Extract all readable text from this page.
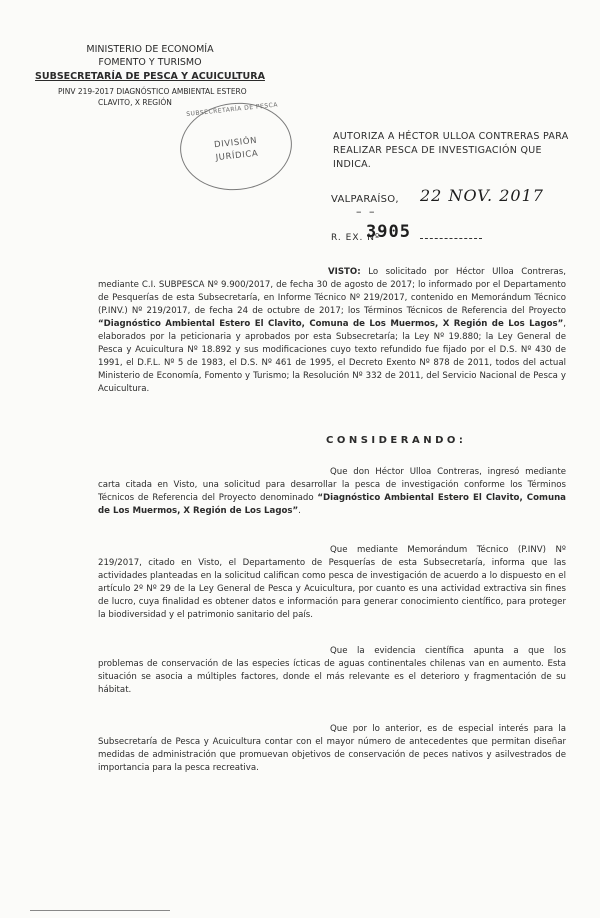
MINISTERIO DE ECONOMÍA
FOMENTO Y TURISMO
SUBSECRETARÍA DE PESCA Y ACUICULTURA
PINV 219-2017 DIAGNÓSTICO AMBIENTAL ESTERO
CLAVITO, X REGIÓN	SUBSECRETARÍA DE PESCA
DIVISIÓN
JURÍDICA
AUTORIZA A HÉCTOR ULLOA CONTRERAS PARA
REALIZAR PESCA DE INVESTIGACIÓN QUE INDICA.
VALPARAÍSO, 22 NOV. 2017
– –
R. EX. Nº
3905
VISTO: Lo solicitado por Héctor Ulloa Contreras, mediante C.I. SUBPESCA Nº 9.900/2017, de fecha 30 de agosto de 2017; lo informado por el Departamento de Pesquerías de esta Subsecretaría, en Informe Técnico Nº 219/2017, contenido en Memorándum Técnico (P.INV.) Nº 219/2017, de fecha 24 de octubre de 2017; los Términos Técnicos de Referencia del Proyecto “Diagnóstico Ambiental Estero El Clavito, Comuna de Los Muermos, X Región de Los Lagos”, elaborados por la peticionaria y aprobados por esta Subsecretaría; la Ley Nº 19.880; la Ley General de Pesca y Acuicultura Nº 18.892 y sus modificaciones cuyo texto refundido fue fijado por el D.S. Nº 430 de 1991, el D.F.L. Nº 5 de 1983, el D.S. Nº 461 de 1995, el Decreto Exento Nº 878 de 2011, todos del actual Ministerio de Economía, Fomento y Turismo; la Resolución Nº 332 de 2011, del Servicio Nacional de Pesca y Acuicultura.
CONSIDERANDO:
Que don Héctor Ulloa Contreras, ingresó mediante carta citada en Visto, una solicitud para desarrollar la pesca de investigación conforme los Términos Técnicos de Referencia del Proyecto denominado “Diagnóstico Ambiental Estero El Clavito, Comuna de Los Muermos, X Región de Los Lagos”.
Que mediante Memorándum Técnico (P.INV) Nº 219/2017, citado en Visto, el Departamento de Pesquerías de esta Subsecretaría, informa que las actividades planteadas en la solicitud califican como pesca de investigación de acuerdo a lo dispuesto en el artículo 2º Nº 29 de la Ley General de Pesca y Acuicultura, por cuanto es una actividad extractiva sin fines de lucro, cuya finalidad es obtener datos e información para generar conocimiento científico, para proteger la biodiversidad y el patrimonio sanitario del país.
Que la evidencia científica apunta a que los problemas de conservación de las especies ícticas de aguas continentales chilenas van en aumento. Esta situación se asocia a múltiples factores, donde el más relevante es el deterioro y fragmentación de su hábitat.
Que por lo anterior, es de especial interés para la Subsecretaría de Pesca y Acuicultura contar con el mayor número de antecedentes que permitan diseñar medidas de administración que promuevan objetivos de conservación de peces nativos y asilvestrados de importancia para la pesca recreativa.
